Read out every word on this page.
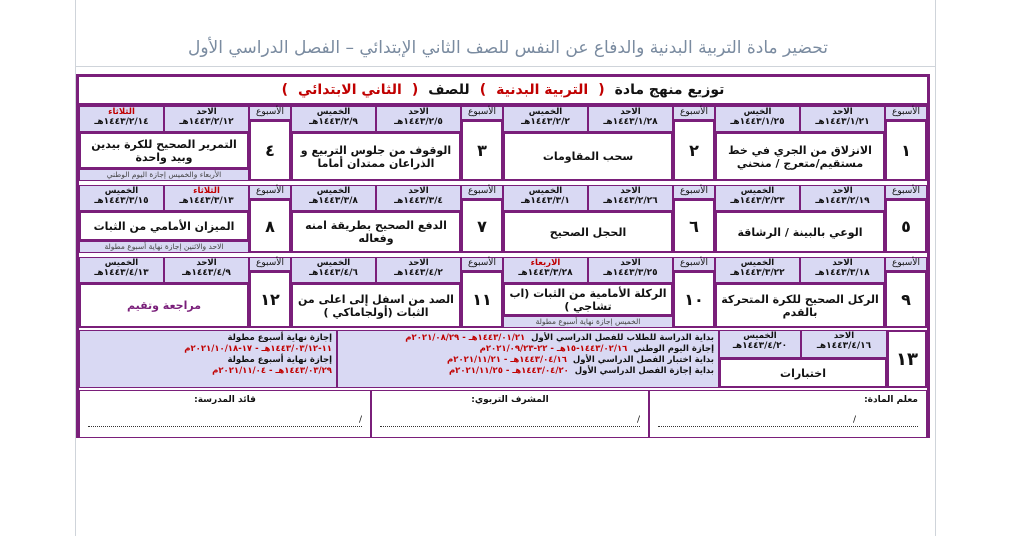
تحضير مادة التربية البدنية والدفاع عن النفس للصف الثاني الإبتدائي – الفصل الدراسي الأول
توزيع منهج مادة
(
التربية البدنية
)
للصف
(
الثاني الابتدائي
)
الأسبوع
١
الاحد
١٤٤٣/١/٢١هـ
الخيس
١٤٤٣/١/٢٥هـ
الانزلاق من الجري في خط مستقيم/متعرج / منحني
الأسبوع
٢
الاحد
١٤٤٣/١/٢٨هـ
الخميس
١٤٤٣/٢/٢هـ
سحب المقاومات
الأسبوع
٣
الاحد
١٤٤٣/٢/٥هـ
الخميس
١٤٤٣/٢/٩هـ
الوقوف من جلوس التربيع و الذراعان ممتدان أماما
الأسبوع
٤
الاحد
١٤٤٣/٢/١٢هـ
الثلاثاء
١٤٤٣/٢/١٤هـ
التمرير الصحيح للكرة بيدين وبيد واحدة
الأربعاء والخميس إجازة اليوم الوطني
الأسبوع
٥
الاحد
١٤٤٣/٢/١٩هـ
الخميس
١٤٤٣/٢/٢٣هـ
الوعي بالبينة / الرشاقة
الأسبوع
٦
الاحد
١٤٤٣/٢/٢٦هـ
الخميس
١٤٤٣/٣/١هـ
الحجل الصحيح
الأسبوع
٧
الاحد
١٤٤٣/٣/٤هـ
الخميس
١٤٤٣/٣/٨هـ
الدفع الصحيح بطريقة امنه وفعاله
الأسبوع
٨
الثلاثاء
١٤٤٣/٣/١٣هـ
الخميس
١٤٤٣/٣/١٥هـ
الميزان الأمامي من الثبات
الاحد والاثنين إجازة نهاية أسبوع مطولة
الأسبوع
٩
الاحد
١٤٤٣/٣/١٨هـ
الخميس
١٤٤٣/٣/٢٢هـ
الركل الصحيح للكرة المتحركة بالقدم
الأسبوع
١٠
الاحد
١٤٤٣/٣/٢٥هـ
الاربعاء
١٤٤٣/٣/٢٨هـ
الركلة الأمامية من الثبات (اب تشاجي )
الخميس إجازة نهاية أسبوع مطولة
الأسبوع
١١
الاحد
١٤٤٣/٤/٢هـ
الخميس
١٤٤٣/٤/٦هـ
الصد من اسفل إلى اعلى من الثبات (أولجاماكي )
الأسبوع
١٢
الاحد
١٤٤٣/٤/٩هـ
الخميس
١٤٤٣/٤/١٣هـ
مراجعة وتقيم
١٣
الاحد
١٤٤٣/٤/١٦هـ
الخميس
١٤٤٣/٤/٢٠هـ
اختبارات
بداية الدراسة للطلاب للفصل الدراسي الأول  ١٤٤٣/٠١/٢١هـ - ٢٠٢١/٠٨/٢٩م
إجازة اليوم الوطني  ١٤٤٣/٠٢/١٦-١٥هـ - ٢٢-٢٠٢١/٠٩/٢٣م
بداية اختبار الفصل الدراسي الأول  ١٤٤٣/٠٤/١٦هـ - ٢٠٢١/١١/٢١م
بداية إجازة الفصل الدراسي الأول  ١٤٤٣/٠٤/٢٠هـ - ٢٠٢١/١١/٢٥م
إجازة نهاية أسبوع مطولة
١١-١٤٤٣/٠٣/١٢هـ - ١٧-٢٠٢١/١٠/١٨م
إجازة نهاية أسبوع مطولة
١٤٤٣/٠٣/٢٩هـ - ٢٠٢١/١١/٠٤م
معلم المادة:
/
المشرف التربوي:
/
قائد المدرسة:
/
